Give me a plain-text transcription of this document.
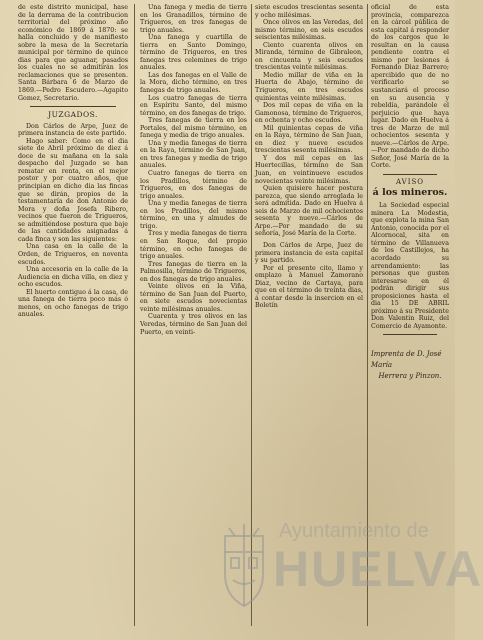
de este distrito municipal, hase de la derrama de la contribucion territorial del próximo año económico de 1869 á 1870: se halla concluido y de manifiesto sobre la mesa de la Secretaría municipal por término de quince dias para que aguanar, pasados los cuales no se admitirán los reclamaciones que se presenten. Santa Bárbara 6 de Marzo de 1869.—Pedro Escudero.—Agapito Gomez, Secretario.

JUZGADOS.

Don Cárlos de Arpe, Juez de primera instancia de este partido.

Hago saber: Como en el dia siete de Abril próximo de diez á doce de su mañana en la sala despacho del Juzgado se han rematar en renta, en el mejor postor y por cuatro años, que principian en dicho dia las fincas que se dirán, propios de la testamentaría de don Antonio de Mora y doña Josefa Ribero, vecinos que fueron de Trigueros, se admitiéndose postura que baje de las cantidades asignadas á cada finca y son las siguientes:

Una casa en la calle de la Orden, de Trigueros, en noventa escudos.

Una accesoria en la calle de la Audiencia en dicha villa, en diez y ocho escudos.

El huerto contiguo á la casa, de una fanega de tierra poco más ó menos, en ocho fanegas de trigo anuales.

Una fanega y media de tierra en los Granadillos, término de Trigueros, en tres fanegas de trigo anuales.

Una fanega y cuartilla de tierra en Santo Domingo, término de Trigueros, en tres fanegas tres celemines de trigo anuales.

Las dos fanegas en el Valle de la Mora, dicho término, en tres fanegas de trigo anuales.

Los cuatro fanegas de tierra en Espíritu Santo, del mismo término, en dos fanegas de trigo.

Tres fanegas de tierra en los Portales, del mismo término, en fanega y media de trigo anuales.

Una y media fanegas de tierra en la Raya, término de San Juan, en tres fanegas y media de trigo anuales.

Cuatro fanegas de tierra en los Pradillos, término de Trigueros, en dos fanegas de trigo anuales.

Una y media fanegas de tierra en los Pradillos, del mismo término, en una y almudes de trigo.

Tres y media fanegas de tierra en San Roque, del propio término, en ocho fanegas de trigo anuales.

Tres fanegas de tierra en la Palmosilla, término de Trigueros, en dos fanegas de trigo anuales.

Veinte olivos en la Viña, término de San Juan del Puerto, en siete escudos novecientas veinte milésimas anuales.

Cuarenta y tres olivos en las Veredas, término de San Juan del Puerto, en veinti-

siete escudos trescientas sesenta y ocho milésimas.

Once olivos en las Veredas, del mismo término, en seis escudos seiscientas milésimas.

Ciento cuarenta olivos en Miranda, término de Gibraleon, en cincuenta y seis escudos trescientas veinte milésimas.

Medio millar de viña en la Huerta de Abajo, término de Trigueros, en tres escudos quinientas veinte milésimas.

Dos mil cepas de viña en la Gamonosa, término de Trigueros, en ochenta y ocho escudos.

Mil quinientas cepas de viña en la Raya, término de San Juan, en diez y nueve escudos trescientas sesenta milésimas.

Y dos mil cepas en las Huertecillas, término de San Juan, en veintinueve escudos novecientas veinte milésimas.

Quien quisiere hacer postura parezca, que siendo arreglada le será admitida. Dado en Huelva á seis de Marzo de mil ochocientos sesenta y nueve.—Cárlos de Arpe.—Por mandado de su señoría, José María de la Corte.

Don Cárlos de Arpe, Juez de primera instancia de esta capital y su partido.

Por el presente cito, llamo y emplazo á Manuel Zamorano Diaz, vecino de Cartaya, para que en el término de treinta dias, á contar desde la insercion en el Boletín

oficial de esta provincia, comparezca en la cárcel pública de esta capital á responder de los cargos que le resultan en la causa pendiente contra el mismo por lesiones á Fernando Diaz Barrero; apercibido que de no verificarlo se sustanciará el proceso en su ausencia y rebeldía, parándole el perjuicio que haya lugar. Dado en Huelva á tres de Marzo de mil ochocientos sesenta y nueve.—Cárlos de Arpe.—Por mandado de dicho Señor, José María de la Corte.

AVISO
á los mineros.

La Sociedad especial minera La Modestia, que explota la mina San Antonio, conocida por el Alcornocal, sita en término de Villanueva de los Castillejos, ha acordado su arrendamiento: las personas que gusten interesarse en él podrán dirigir sus proposiciones hasta el dia 15 DE ABRIL próximo á su Presidente Don Valentin Ruiz, del Comercio de Ayamonte.

Imprenta de D. José María
Herrera y Pinzon.
Ayuntamiento de
HUELVA
